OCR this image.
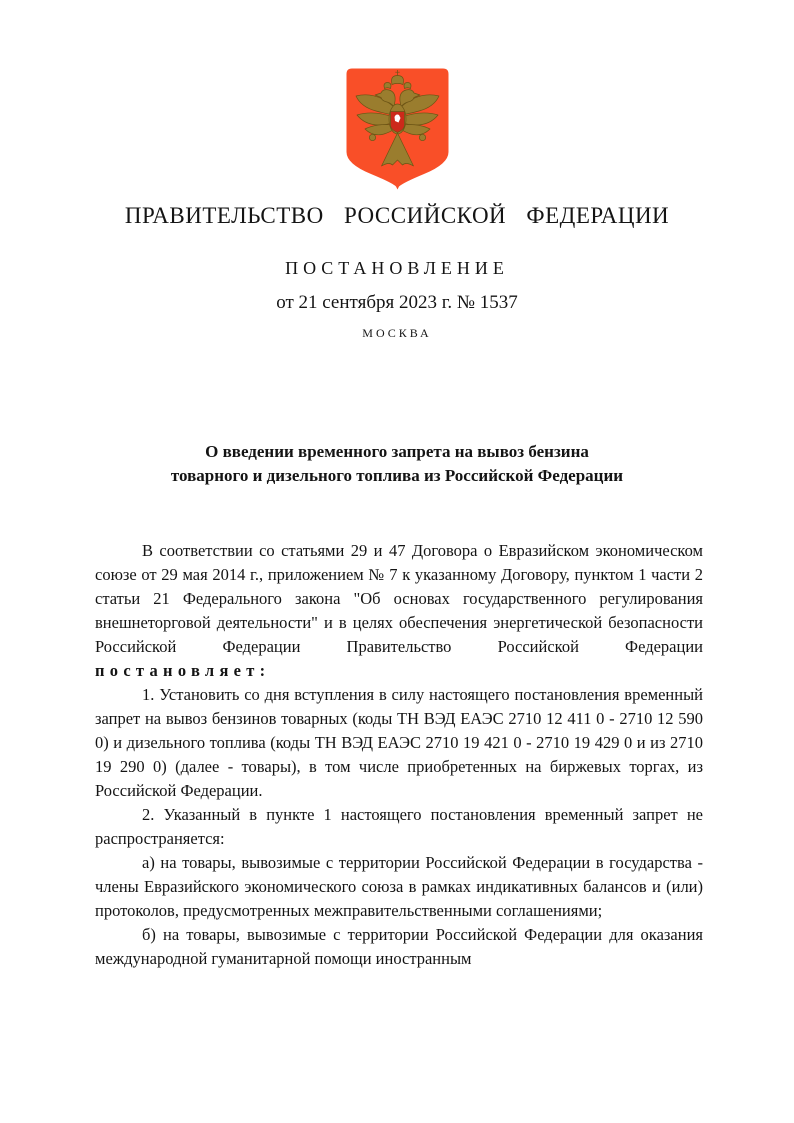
ПРАВИТЕЛЬСТВО РОССИЙСКОЙ ФЕДЕРАЦИИ
ПОСТАНОВЛЕНИЕ
от 21 сентября 2023 г. № 1537
МОСКВА
О введении временного запрета на вывоз бензина
товарного и дизельного топлива из Российской Федерации

В соответствии со статьями 29 и 47 Договора о Евразийском экономическом союзе от 29 мая 2014 г., приложением № 7 к указанному Договору, пунктом 1 части 2 статьи 21 Федерального закона "Об основах государственного регулирования внешнеторговой деятельности" и в целях обеспечения энергетической безопасности Российской Федерации Правительство Российской Федерации постановляет:

1. Установить со дня вступления в силу настоящего постановления временный запрет на вывоз бензинов товарных (коды ТН ВЭД ЕАЭС 2710 12 411 0 - 2710 12 590 0) и дизельного топлива (коды ТН ВЭД ЕАЭС 2710 19 421 0 - 2710 19 429 0 и из 2710 19 290 0) (далее - товары), в том числе приобретенных на биржевых торгах, из Российской Федерации.

2. Указанный в пункте 1 настоящего постановления временный запрет не распространяется:

а) на товары, вывозимые с территории Российской Федерации в государства - члены Евразийского экономического союза в рамках индикативных балансов и (или) протоколов, предусмотренных межправительственными соглашениями;

б) на товары, вывозимые с территории Российской Федерации для оказания международной гуманитарной помощи иностранным
